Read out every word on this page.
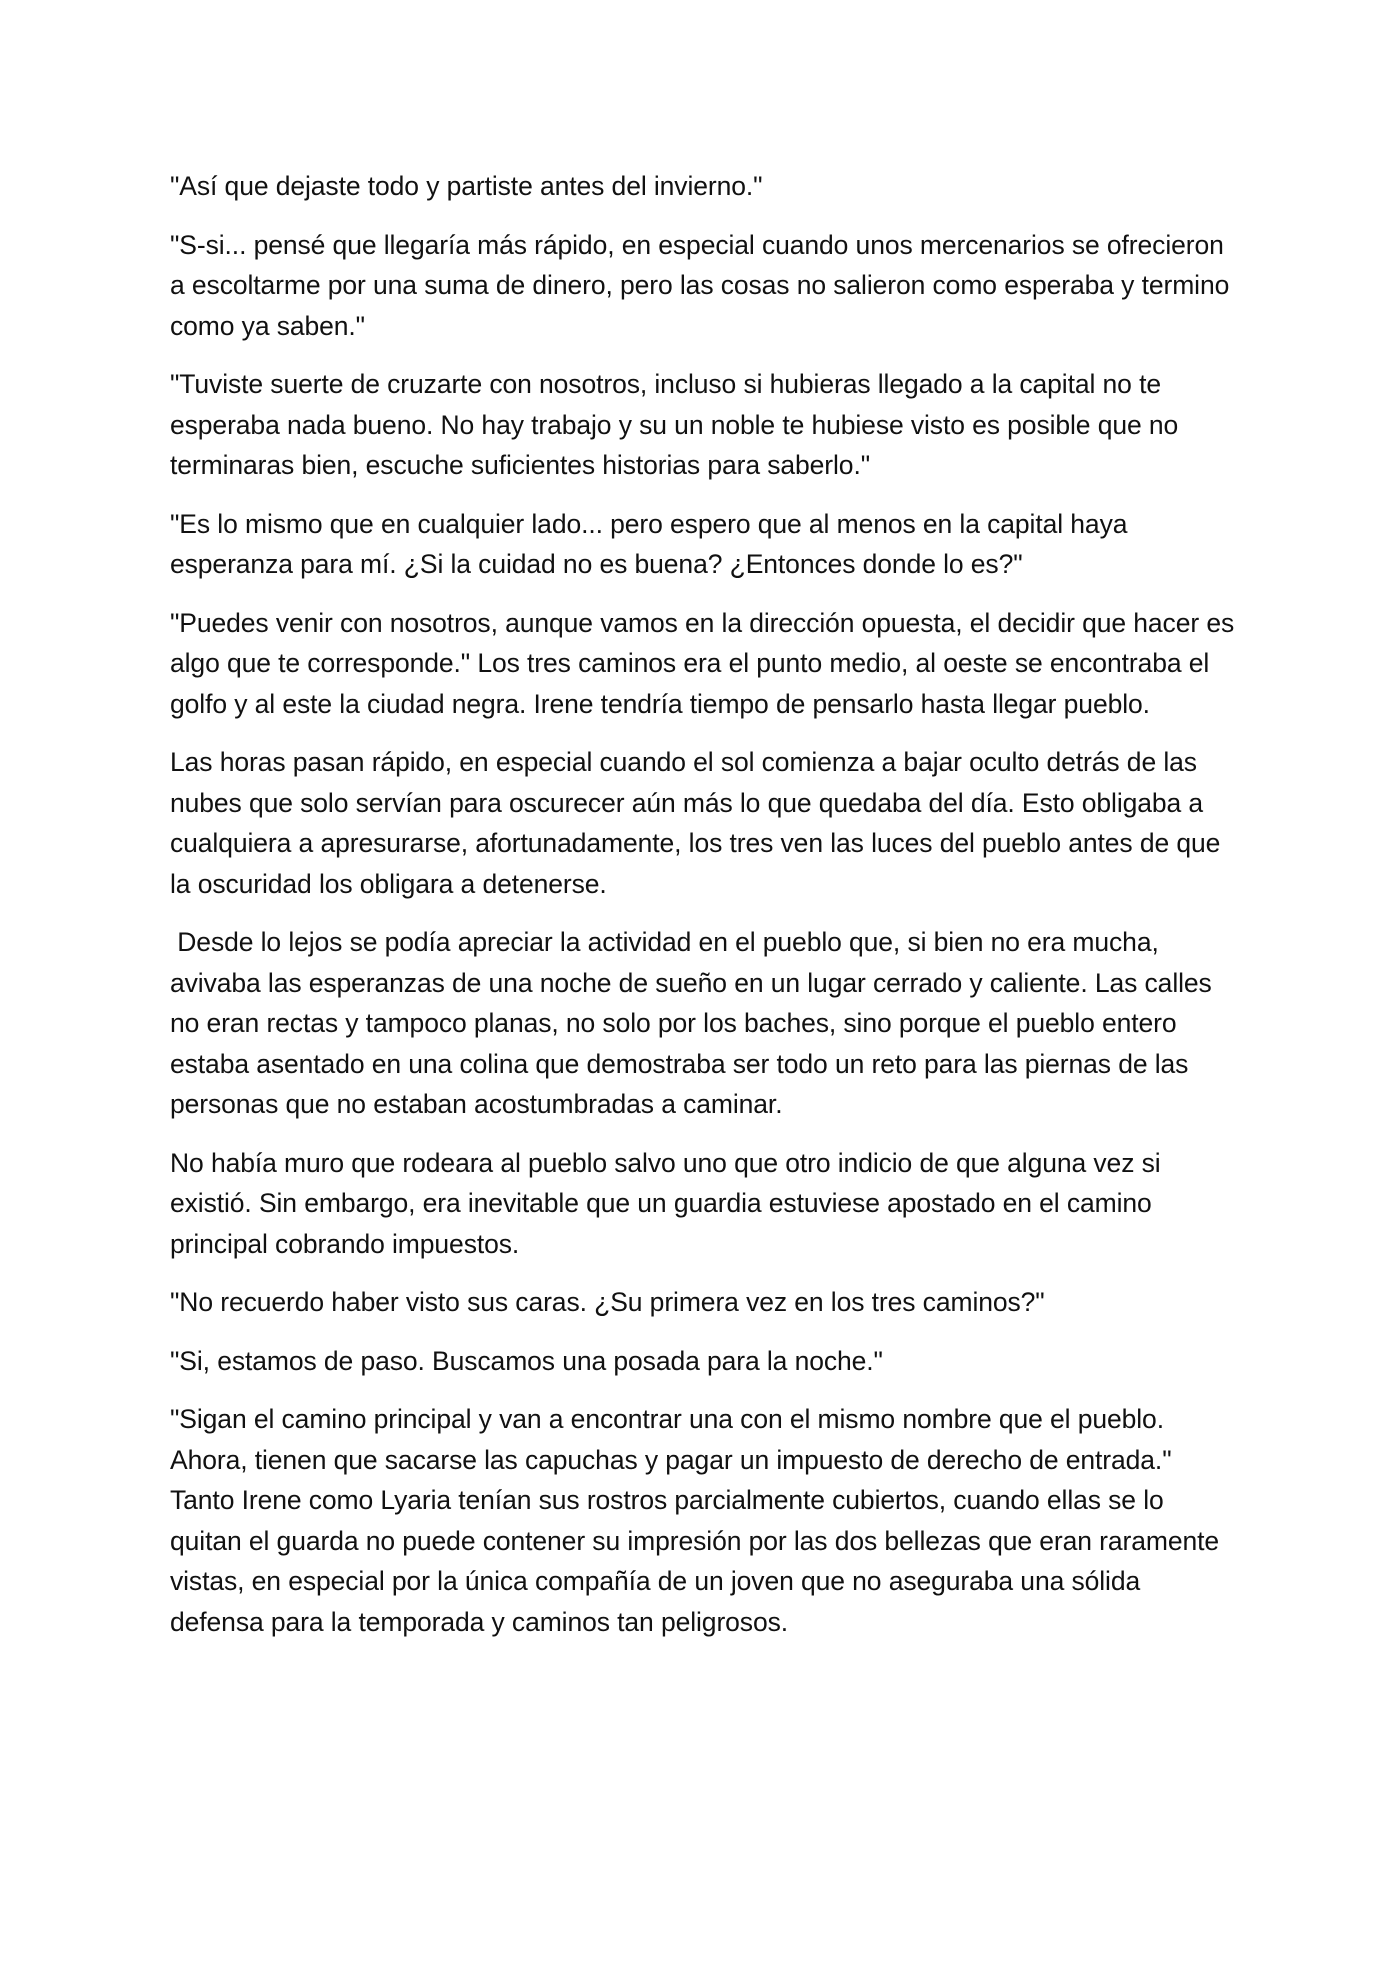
"Así que dejaste todo y partiste antes del invierno."

"S-si... pensé que llegaría más rápido, en especial cuando unos mercenarios se ofrecieron a escoltarme por una suma de dinero, pero las cosas no salieron como esperaba y termino como ya saben."

"Tuviste suerte de cruzarte con nosotros, incluso si hubieras llegado a la capital no te esperaba nada bueno. No hay trabajo y su un noble te hubiese visto es posible que no terminaras bien, escuche suficientes historias para saberlo."

"Es lo mismo que en cualquier lado... pero espero que al menos en la capital haya esperanza para mí. ¿Si la cuidad no es buena? ¿Entonces donde lo es?"

"Puedes venir con nosotros, aunque vamos en la dirección opuesta, el decidir que hacer es algo que te corresponde." Los tres caminos era el punto medio, al oeste se encontraba el golfo y al este la ciudad negra. Irene tendría tiempo de pensarlo hasta llegar pueblo.

Las horas pasan rápido, en especial cuando el sol comienza a bajar oculto detrás de las nubes que solo servían para oscurecer aún más lo que quedaba del día. Esto obligaba a cualquiera a apresurarse, afortunadamente, los tres ven las luces del pueblo antes de que la oscuridad los obligara a detenerse.

Desde lo lejos se podía apreciar la actividad en el pueblo que, si bien no era mucha, avivaba las esperanzas de una noche de sueño en un lugar cerrado y caliente. Las calles no eran rectas y tampoco planas, no solo por los baches, sino porque el pueblo entero estaba asentado en una colina que demostraba ser todo un reto para las piernas de las personas que no estaban acostumbradas a caminar.

No había muro que rodeara al pueblo salvo uno que otro indicio de que alguna vez si existió. Sin embargo, era inevitable que un guardia estuviese apostado en el camino principal cobrando impuestos.

"No recuerdo haber visto sus caras. ¿Su primera vez en los tres caminos?"

"Si, estamos de paso. Buscamos una posada para la noche."

"Sigan el camino principal y van a encontrar una con el mismo nombre que el pueblo. Ahora, tienen que sacarse las capuchas y pagar un impuesto de derecho de entrada." Tanto Irene como Lyaria tenían sus rostros parcialmente cubiertos, cuando ellas se lo quitan el guarda no puede contener su impresión por las dos bellezas que eran raramente vistas, en especial por la única compañía de un joven que no aseguraba una sólida defensa para la temporada y caminos tan peligrosos.
